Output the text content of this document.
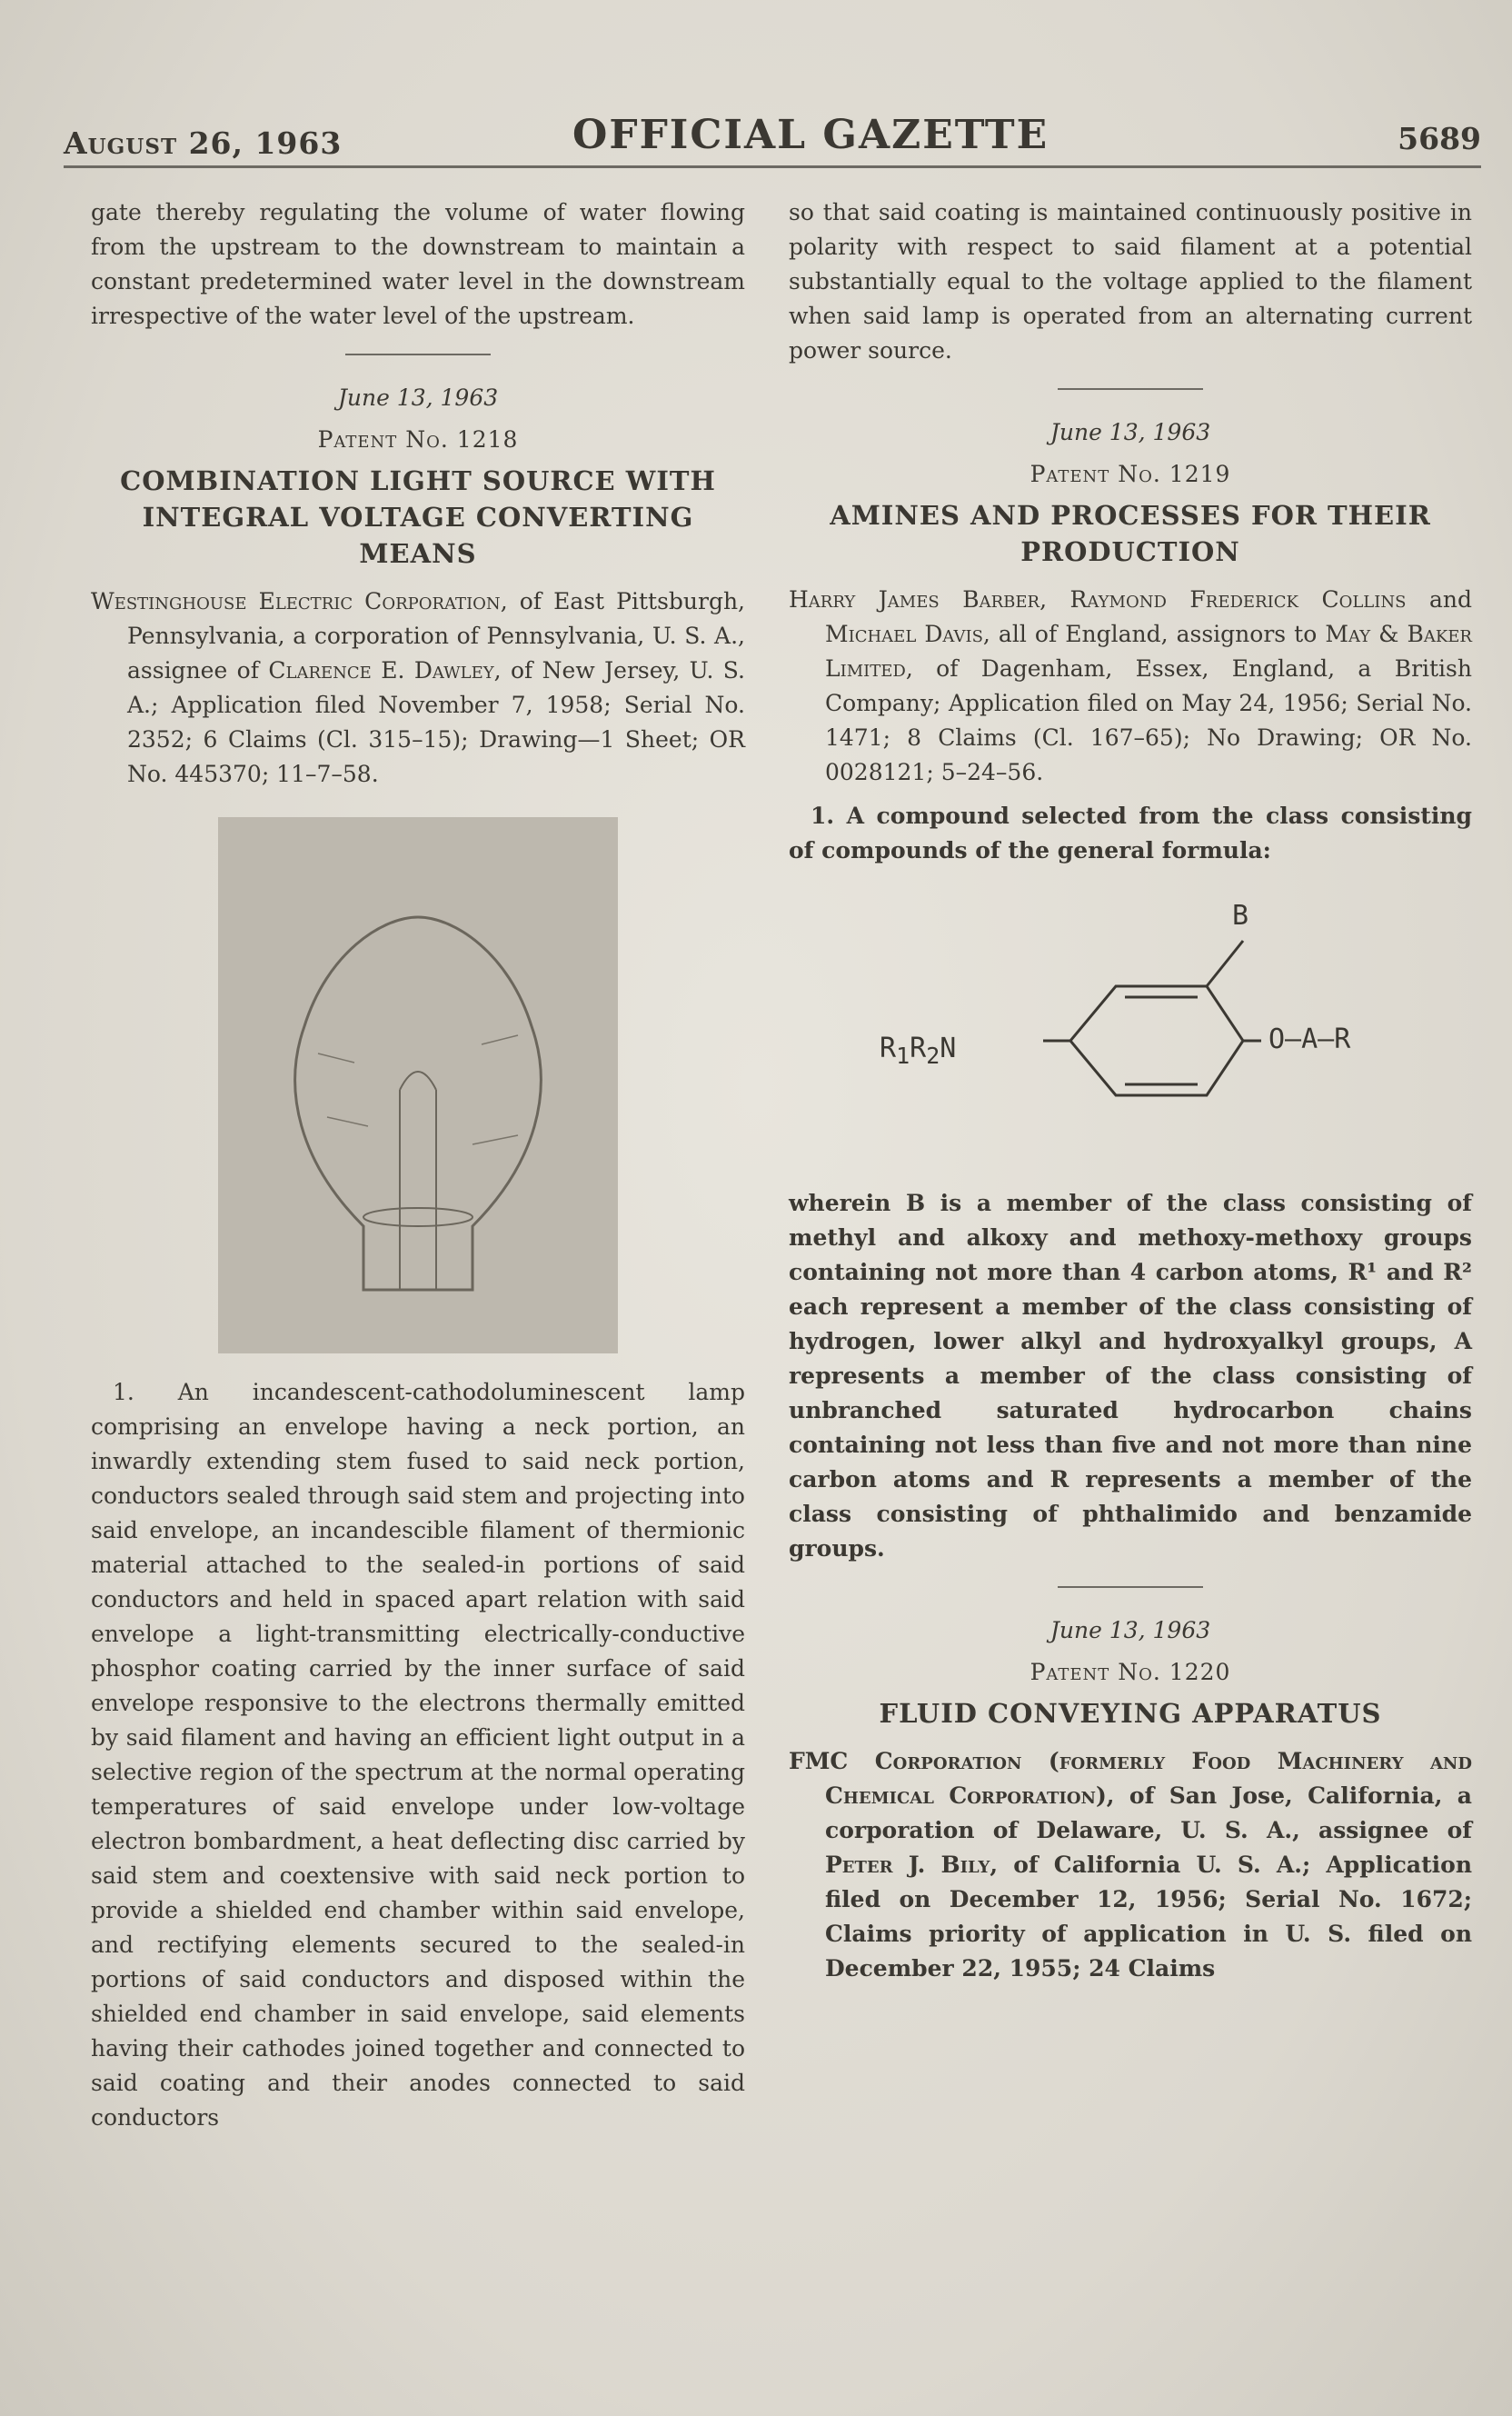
August 26, 1963	OFFICIAL GAZETTE	5689

gate thereby regulating the volume of water flowing from the upstream to the downstream to maintain a constant predetermined water level in the downstream irrespective of the water level of the upstream.

June 13, 1963

Patent No. 1218

COMBINATION LIGHT SOURCE WITH INTEGRAL VOLTAGE CONVERTING MEANS

Westinghouse Electric Corporation, of East Pittsburgh, Pennsylvania, a corporation of Pennsylvania, U. S. A., assignee of Clarence E. Dawley, of New Jersey, U. S. A.; Application filed November 7, 1958; Serial No. 2352; 6 Claims (Cl. 315–15); Drawing—1 Sheet; OR No. 445370; 11–7–58.

1. An incandescent-cathodoluminescent lamp comprising an envelope having a neck portion, an inwardly extending stem fused to said neck portion, conductors sealed through said stem and projecting into said envelope, an incandescible filament of thermionic material attached to the sealed-in portions of said conductors and held in spaced apart relation with said envelope a light-transmitting electrically-conductive phosphor coating carried by the inner surface of said envelope responsive to the electrons thermally emitted by said filament and having an efficient light output in a selective region of the spectrum at the normal operating temperatures of said envelope under low-voltage electron bombardment, a heat deflecting disc carried by said stem and coextensive with said neck portion to provide a shielded end chamber within said envelope, and rectifying elements secured to the sealed-in portions of said conductors and disposed within the shielded end chamber in said envelope, said elements having their cathodes joined together and connected to said coating and their anodes connected to said conductors

so that said coating is maintained continuously positive in polarity with respect to said filament at a potential substantially equal to the voltage applied to the filament when said lamp is operated from an alternating current power source.

June 13, 1963

Patent No. 1219

AMINES AND PROCESSES FOR THEIR PRODUCTION

Harry James Barber, Raymond Frederick Collins and Michael Davis, all of England, assignors to May & Baker Limited, of Dagenham, Essex, England, a British Company; Application filed on May 24, 1956; Serial No. 1471; 8 Claims (Cl. 167–65); No Drawing; OR No. 0028121; 5–24–56.

1. A compound selected from the class consisting of compounds of the general formula:

B
O–A–R
$R_1R_2N$

wherein B is a member of the class consisting of methyl and alkoxy and methoxy-methoxy groups containing not more than 4 carbon atoms, R¹ and R² each represent a member of the class consisting of hydrogen, lower alkyl and hydroxyalkyl groups, A represents a member of the class consisting of unbranched saturated hydrocarbon chains containing not less than five and not more than nine carbon atoms and R represents a member of the class consisting of phthalimido and benzamide groups.

June 13, 1963

Patent No. 1220

FLUID CONVEYING APPARATUS

FMC Corporation (formerly Food Machinery and Chemical Corporation), of San Jose, California, a corporation of Delaware, U. S. A., assignee of Peter J. Bily, of California U. S. A.; Application filed on December 12, 1956; Serial No. 1672; Claims priority of application in U. S. filed on December 22, 1955; 24 Claims
